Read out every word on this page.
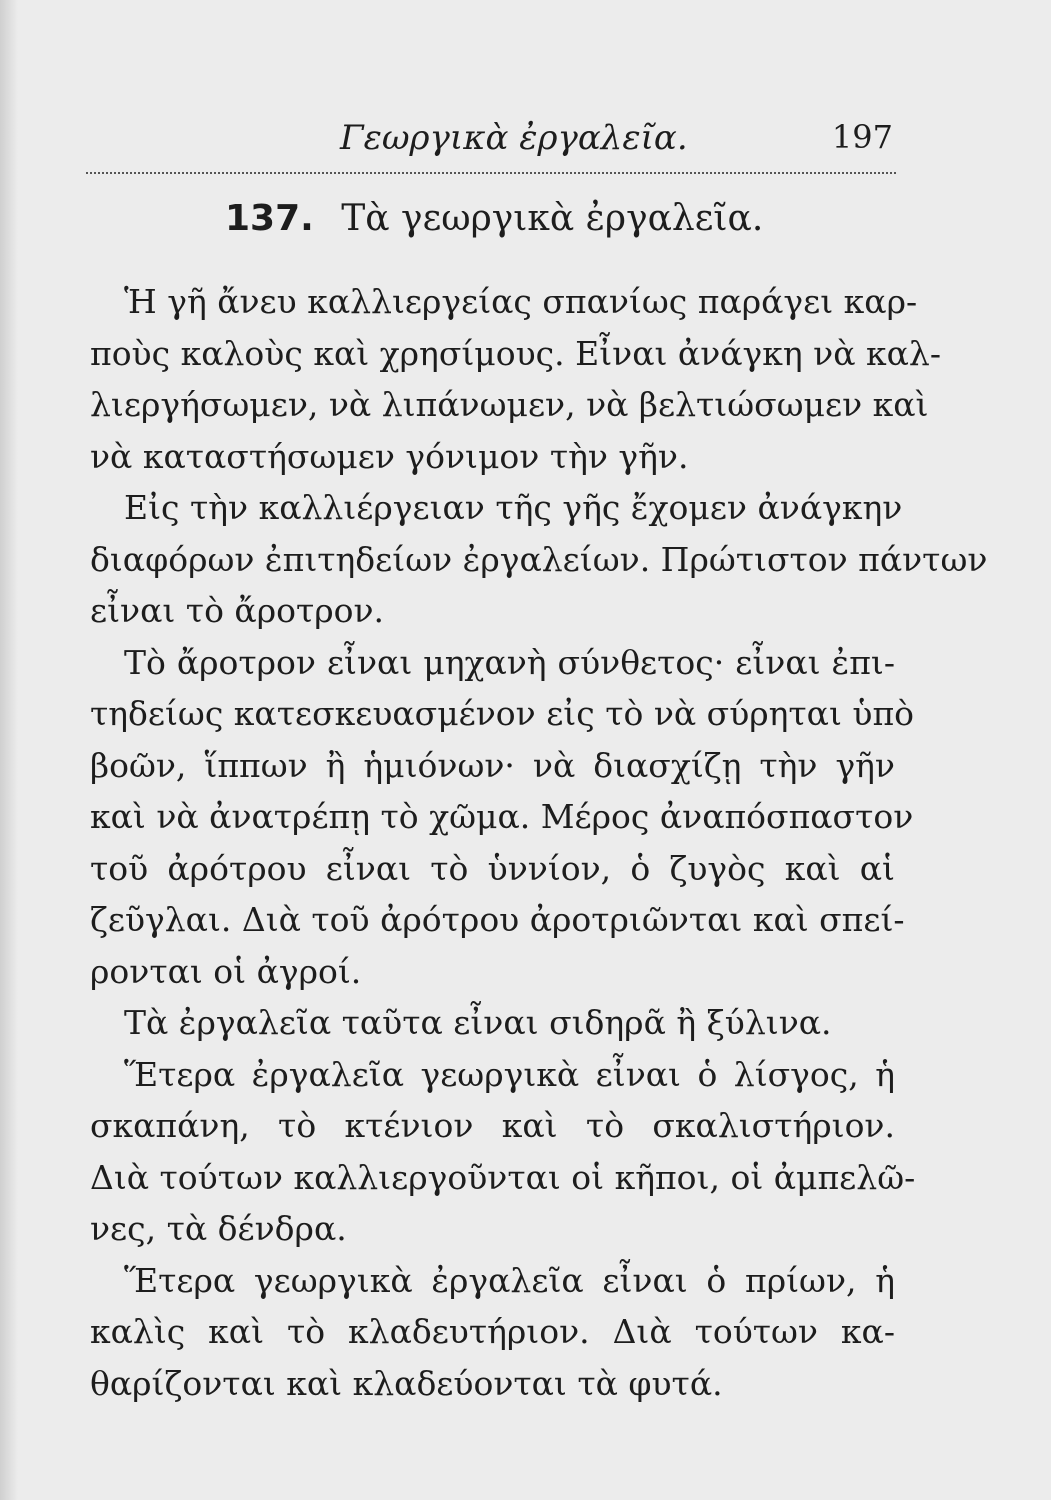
Γεωργικὰ ἐργαλεῖα.	197
137. Τὰ γεωργικὰ ἐργαλεῖα.
Ἡ γῆ ἄνευ καλλιεργείας σπανίως παράγει καρ-
ποὺς καλοὺς καὶ χρησίμους. Εἶναι ἀνάγκη νὰ καλ-
λιεργήσωμεν, νὰ λιπάνωμεν, νὰ βελτιώσωμεν καὶ
νὰ καταστήσωμεν γόνιμον τὴν γῆν.
Εἰς τὴν καλλιέργειαν τῆς γῆς ἔχομεν ἀνάγκην
διαφόρων ἐπιτηδείων ἐργαλείων. Πρώτιστον πάντων
εἶναι τὸ ἄροτρον.
Τὸ ἄροτρον εἶναι μηχανὴ σύνθετος· εἶναι ἐπι-
τηδείως κατεσκευασμένον εἰς τὸ νὰ σύρηται ὑπὸ
βοῶν, ἵππων ἢ ἡμιόνων· νὰ διασχίζῃ τὴν γῆν
καὶ νὰ ἀνατρέπῃ τὸ χῶμα. Μέρος ἀναπόσπαστον
τοῦ ἀρότρου εἶναι τὸ ὑννίον, ὁ ζυγὸς καὶ αἱ
ζεῦγλαι. Διὰ τοῦ ἀρότρου ἀροτριῶνται καὶ σπεί-
ρονται οἱ ἀγροί.
Τὰ ἐργαλεῖα ταῦτα εἶναι σιδηρᾶ ἢ ξύλινα.
Ἕτερα ἐργαλεῖα γεωργικὰ εἶναι ὁ λίσγος, ἡ
σκαπάνη, τὸ κτένιον καὶ τὸ σκαλιστήριον.
Διὰ τούτων καλλιεργοῦνται οἱ κῆποι, οἱ ἀμπελῶ-
νες, τὰ δένδρα.
Ἕτερα γεωργικὰ ἐργαλεῖα εἶναι ὁ πρίων, ἡ
καλὶς καὶ τὸ κλαδευτήριον. Διὰ τούτων κα-
θαρίζονται καὶ κλαδεύονται τὰ φυτά.
